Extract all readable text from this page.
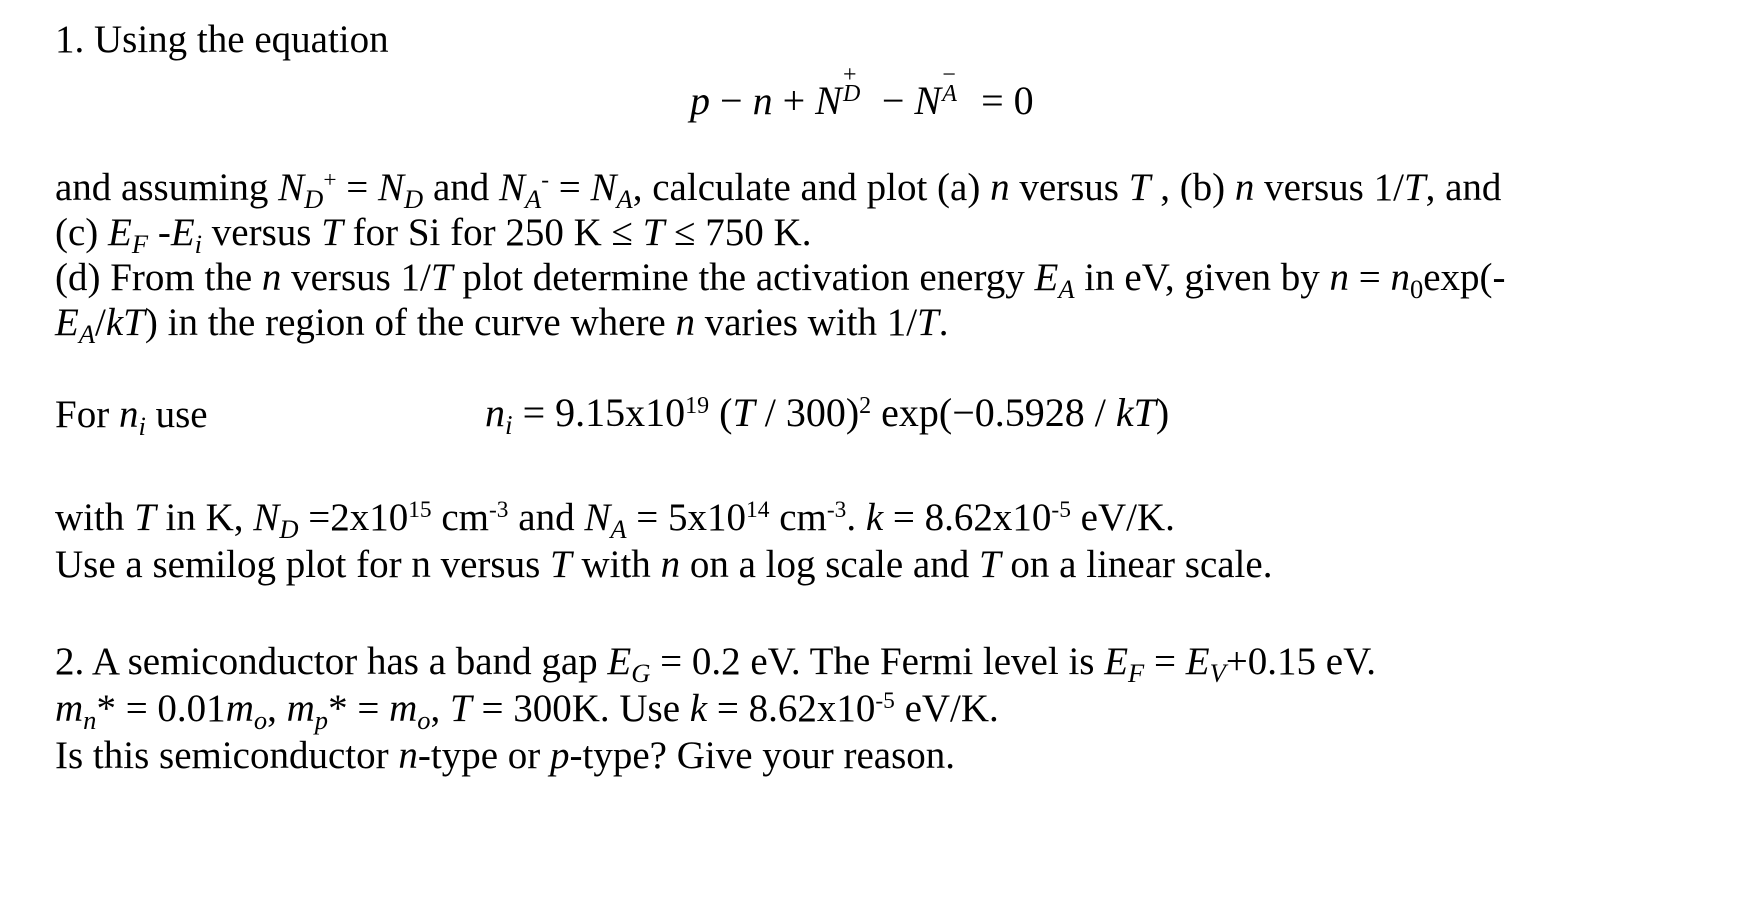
1. Using the equation
p − n + N
+
D − N
−
A = 0
and assuming $N_D^+ = N_D$ and $N_A^- = N_A$, calculate and plot (a) n versus T , (b) n versus 1/T, and
(c) $E_F$ $-E_i$ versus T for Si for 250 K ≤ T ≤ 750 K.
(d) From the n versus 1/T plot determine the activation energy $E_A$ in eV, given by $n = n_0\exp(-$
$E_A/kT$) in the region of the curve where n varies with 1/T.
For $n_i$ use	$n_i = 9.15x10^{19}$ (T / 300)$^2$ exp(−0.5928 / kT)
with T in K, $N_D =2x10^{15}$ $cm^{-3}$ and $N_A = 5x10^{14}$ $cm^{-3}$. $k = 8.62x10^{-5}$ eV/K.
Use a semilog plot for n versus T with n on a log scale and T on a linear scale.
2. A semiconductor has a band gap $E_G = 0.2$ eV. The Fermi level is $E_F = E_V+0.15$ eV.
$m_n* = 0.01m_o$, $m_p* = m_o$, T = 300K. Use $k = 8.62x10^{-5}$ eV/K.
Is this semiconductor n-type or p-type? Give your reason.
